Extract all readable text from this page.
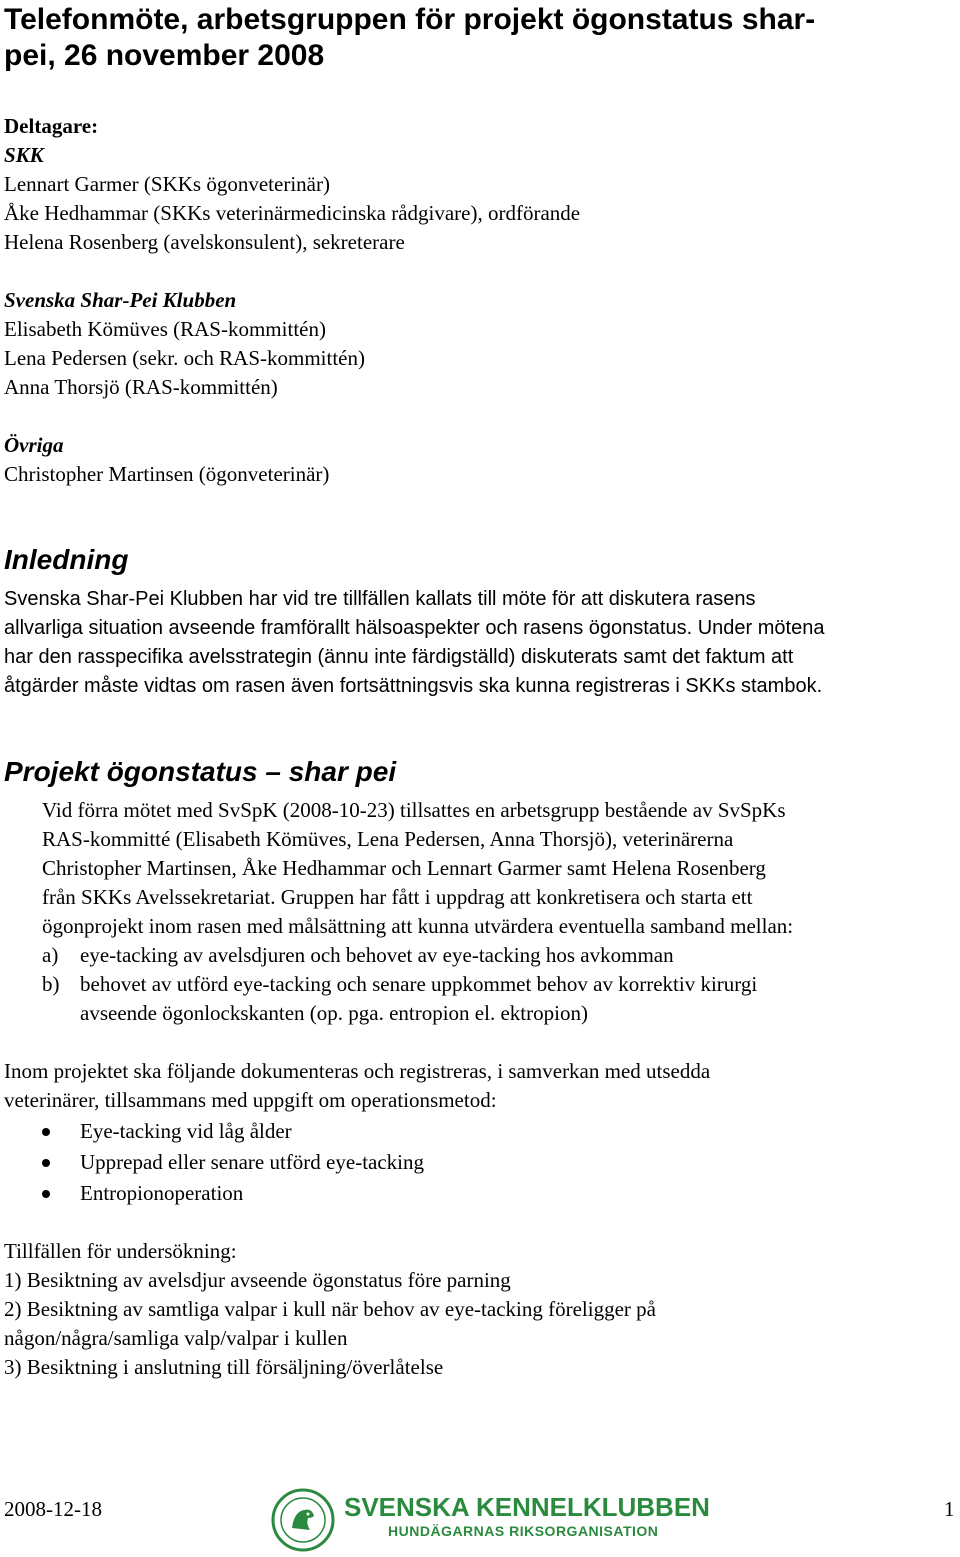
Telefonmöte, arbetsgruppen för projekt ögonstatus shar-
pei, 26 november 2008
Deltagare:
SKK
Lennart Garmer (SKKs ögonveterinär)
Åke Hedhammar (SKKs veterinärmedicinska rådgivare), ordförande
Helena Rosenberg (avelskonsulent), sekreterare
Svenska Shar-Pei Klubben
Elisabeth Kömüves (RAS-kommittén)
Lena Pedersen (sekr. och RAS-kommittén)
Anna Thorsjö (RAS-kommittén)
Övriga
Christopher Martinsen (ögonveterinär)
Inledning
Svenska Shar-Pei Klubben har vid tre tillfällen kallats till möte för att diskutera rasens
allvarliga situation avseende framförallt hälsoaspekter och rasens ögonstatus. Under mötena
har den rasspecifika avelsstrategin (ännu inte färdigställd) diskuterats samt det faktum att
åtgärder måste vidtas om rasen även fortsättningsvis ska kunna registreras i SKKs stambok.
Projekt ögonstatus – shar pei
Vid förra mötet med SvSpK (2008-10-23) tillsattes en arbetsgrupp bestående av SvSpKs
RAS-kommitté (Elisabeth Kömüves, Lena Pedersen, Anna Thorsjö), veterinärerna
Christopher Martinsen, Åke Hedhammar och Lennart Garmer samt Helena Rosenberg
från SKKs Avelssekretariat. Gruppen har fått i uppdrag att konkretisera och starta ett
ögonprojekt inom rasen med målsättning att kunna utvärdera eventuella samband mellan:
a) eye-tacking av avelsdjuren och behovet av eye-tacking hos avkomman
b) behovet av utförd eye-tacking och senare uppkommet behov av korrektiv kirurgi
avseende ögonlockskanten (op. pga. entropion el. ektropion)
Inom projektet ska följande dokumenteras och registreras, i samverkan med utsedda
veterinärer, tillsammans med uppgift om operationsmetod:
Eye-tacking vid låg ålder
Upprepad eller senare utförd eye-tacking
Entropionoperation
Tillfällen för undersökning:
1) Besiktning av avelsdjur avseende ögonstatus före parning
2) Besiktning av samtliga valpar i kull när behov av eye-tacking föreligger på
någon/några/samliga valp/valpar i kullen
3) Besiktning i anslutning till försäljning/överlåtelse
2008-12-18	1
SVENSKA KENNELKLUBBEN
HUNDÄGARNAS RIKSORGANISATION
